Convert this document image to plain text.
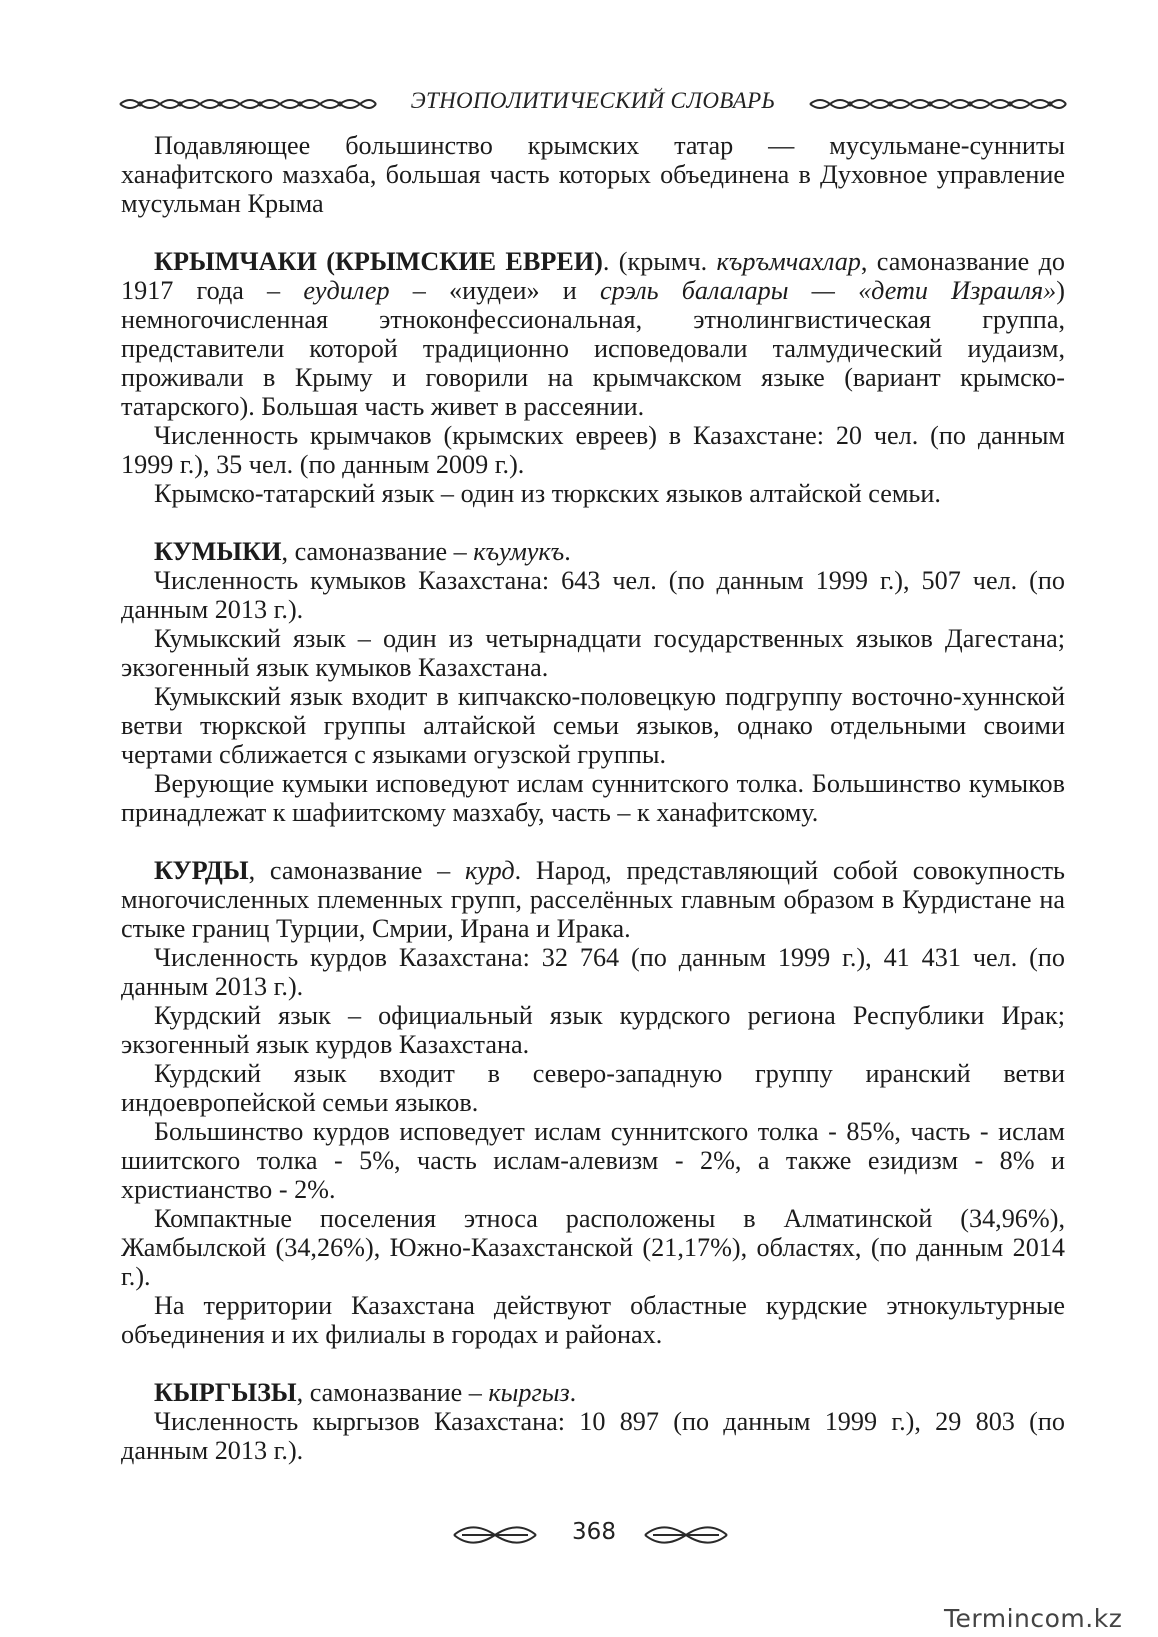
ЭТНОПОЛИТИЧЕСКИЙ СЛОВАРЬ

Подавляющее большинство крымских татар — мусульмане-сунниты ханафитского мазхаба, большая часть которых объединена в Духовное управление мусульман Крыма

КРЫМЧАКИ (КРЫМСКИЕ ЕВРЕИ). (крымч. къръмчахлар, самоназвание до 1917 года – еудилер – «иудеи» и срэль балалары — «дети Израиля») немногочисленная этноконфессиональная, этнолингвистическая группа, представители которой традиционно исповедовали талмудический иудаизм, проживали в Крыму и говорили на крымчакском языке (вариант крымско-татарского). Большая часть живет в рассеянии.

Численность крымчаков (крымских евреев) в Казахстане: 20 чел. (по данным 1999 г.), 35 чел. (по данным 2009 г.).

Крымско-татарский язык – один из тюркских языков алтайской семьи.

КУМЫКИ, самоназвание – къумукъ.

Численность кумыков Казахстана: 643 чел. (по данным 1999 г.), 507 чел. (по данным 2013 г.).

Кумыкский язык – один из четырнадцати государственных языков Дагестана; экзогенный язык кумыков Казахстана.

Кумыкский язык входит в кипчакско-половецкую подгруппу восточно-хуннской ветви тюркской группы алтайской семьи языков, однако отдельными своими чертами сближается с языками огузской группы.

Верующие кумыки исповедуют ислам суннитского толка. Большинство кумыков принадлежат к шафиитскому мазхабу, часть – к ханафитскому.

КУРДЫ, самоназвание – курд. Народ, представляющий собой совокупность многочисленных племенных групп, расселённых главным образом в Курдистане на стыке границ Турции, Смрии, Ирана и Ирака.

Численность курдов Казахстана: 32 764 (по данным 1999 г.), 41 431 чел. (по данным 2013 г.).

Курдский язык – официальный язык курдского региона Республики Ирак; экзогенный язык курдов Казахстана.

Курдский язык входит в северо-западную группу иранский ветви индоевропейской семьи языков.

Большинство курдов исповедует ислам суннитского толка - 85%, часть - ислам шиитского толка - 5%, часть ислам-алевизм - 2%, а также езидизм - 8% и христианство - 2%.

Компактные поселения этноса расположены в Алматинской (34,96%), Жамбылской (34,26%), Южно-Казахстанской (21,17%), областях, (по данным 2014 г.).

На территории Казахстана действуют областные курдские этнокультурные объединения и их филиалы в городах и районах.

КЫРГЫЗЫ, самоназвание – кыргыз.

Численность кыргызов Казахстана: 10 897 (по данным 1999 г.), 29 803 (по данным 2013 г.).

368
Termincom.kz
